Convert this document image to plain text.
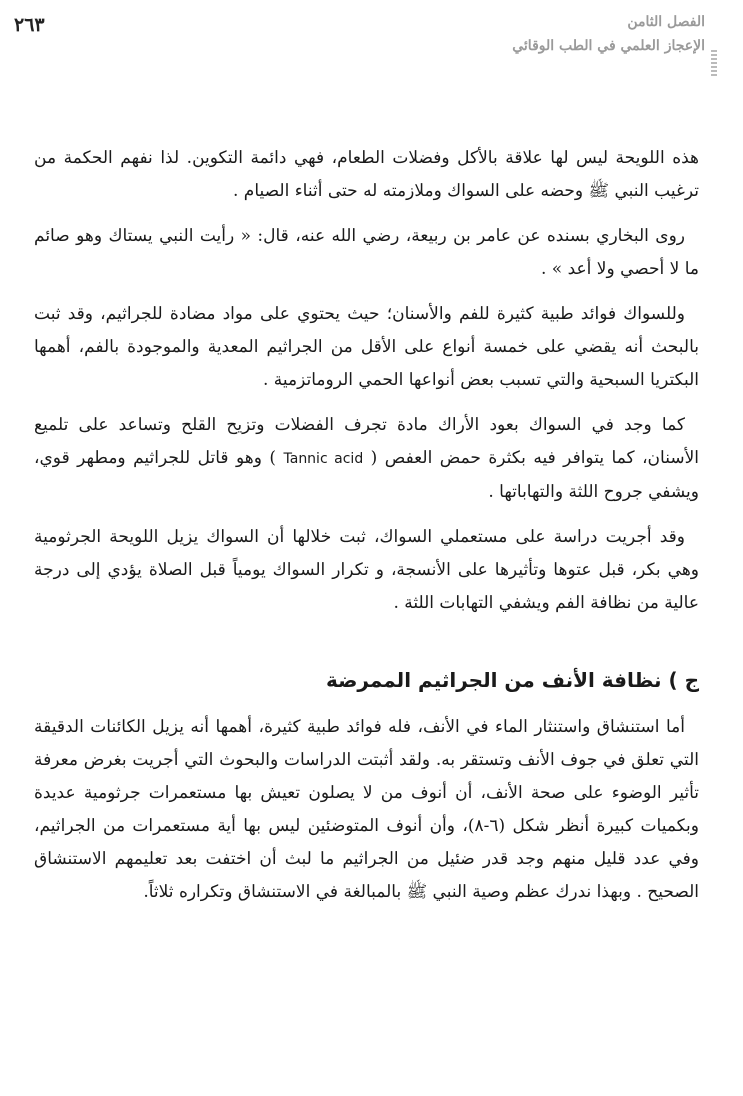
٢٦٣	الفصل الثامن
الإعجاز العلمي في الطب الوقائي

هذه اللويحة ليس لها علاقة بالأكل وفضلات الطعام، فهي دائمة التكوين. لذا نفهم الحكمة من ترغيب النبي ﷺ وحضه على السواك وملازمته له حتى أثناء الصيام .

روى البخاري بسنده عن عامر بن ربيعة، رضي الله عنه، قال: « رأيت النبي يستاك وهو صائم ما لا أحصي ولا أعد » .

وللسواك فوائد طبية كثيرة للفم والأسنان؛ حيث يحتوي على مواد مضادة للجراثيم، وقد ثبت بالبحث أنه يقضي على خمسة أنواع على الأقل من الجراثيم المعدية والموجودة بالفم، أهمها البكتريا السبحية والتي تسبب بعض أنواعها الحمي الروماتزمية .

كما وجد في السواك بعود الأراك مادة تجرف الفضلات وتزيح القلح وتساعد على تلميع الأسنان، كما يتوافر فيه بكثرة حمض العفص ( Tannic acid ) وهو قاتل للجراثيم ومطهر قوي، ويشفي جروح اللثة والتهاباتها .

وقد أجريت دراسة على مستعملي السواك، ثبت خلالها أن السواك يزيل اللويحة الجرثومية وهي بكر، قبل عتوها وتأثيرها على الأنسجة، و تكرار السواك يومياً قبل الصلاة يؤدي إلى درجة عالية من نظافة الفم ويشفي التهابات اللثة .

ج ) نظافة الأنف من الجراثيم الممرضة

أما استنشاق واستنثار الماء في الأنف، فله فوائد طبية كثيرة، أهمها أنه يزيل الكائنات الدقيقة التي تعلق في جوف الأنف وتستقر به. ولقد أثبتت الدراسات والبحوث التي أجريت بغرض معرفة تأثير الوضوء على صحة الأنف، أن أنوف من لا يصلون تعيش بها مستعمرات جرثومية عديدة وبكميات كبيرة أنظر شكل (٦-٨)، وأن أنوف المتوضئين ليس بها أية مستعمرات من الجراثيم، وفي عدد قليل منهم وجد قدر ضئيل من الجراثيم ما لبث أن اختفت بعد تعليمهم الاستنشاق الصحيح . وبهذا ندرك عظم وصية النبي ﷺ بالمبالغة في الاستنشاق وتكراره ثلاثاً.
